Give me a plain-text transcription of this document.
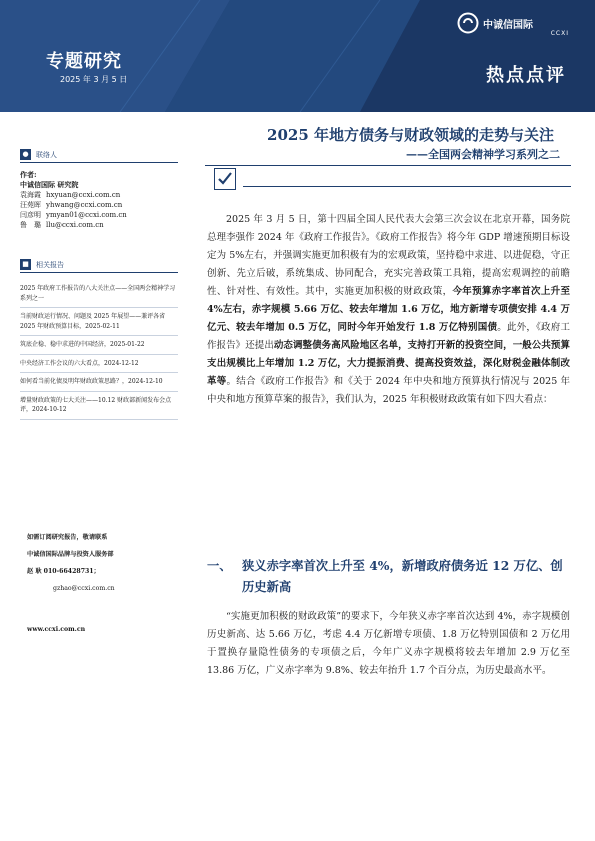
中诚信国际
CCXI
专题研究
2025 年 3 月 5 日	热点点评
●	联络人
作者:
中诚信国际 研究院
袁海霞 hxyuan@ccxi.com.cn
汪苑晖 yhwang@ccxi.com.cn
闫彦明 ymyan01@ccxi.com.cn
鲁　璐 llu@ccxi.com.cn
■	相关报告
2025 年政府工作报告的八大关注点——全国两会精神学习系列之一
当前财政运行情况、问题及 2025 年展望——兼评各省 2025 年财政预算目标，2025-02-11
筑底企稳、稳中求进的中国经济，2025-01-22
中央经济工作会议的六大看点，2024-12-12
如何看当前化债及明年财政政策思路？，2024-12-10
增量财政政策的七大关注——10.12 财政部新闻发布会点评，2024-10-12
如需订阅研究报告，敬请联系
中诚信国际品牌与投资人服务部
赵 耿 010-66428731；
gzhao@ccxi.com.cn
www.ccxi.com.cn
2025 年地方债务与财政领域的走势与关注
——全国两会精神学习系列之二
2025 年 3 月 5 日，第十四届全国人民代表大会第三次会议在北京开幕，国务院总理李强作 2024 年《政府工作报告》。《政府工作报告》将今年 GDP 增速预期目标设定为 5%左右，并强调实施更加积极有为的宏观政策，坚持稳中求进、以进促稳，守正创新、先立后破，系统集成、协同配合，充实完善政策工具箱，提高宏观调控的前瞻性、针对性、有效性。其中，实施更加积极的财政政策，今年预算赤字率首次上升至 4%左右，赤字规模 5.66 万亿、较去年增加 1.6 万亿，地方新增专项债安排 4.4 万亿元、较去年增加 0.5 万亿，同时今年开始发行 1.8 万亿特别国债。此外，《政府工作报告》还提出动态调整债务高风险地区名单，支持打开新的投资空间，一般公共预算支出规模比上年增加 1.2 万亿，大力提振消费、提高投资效益，深化财税金融体制改革等。结合《政府工作报告》和《关于 2024 年中央和地方预算执行情况与 2025 年中央和地方预算草案的报告》，我们认为，2025 年积极财政政策有如下四大看点：
一、 狭义赤字率首次上升至 4%，新增政府债务近 12 万亿、创历史新高
“实施更加积极的财政政策”的要求下，今年狭义赤字率首次达到 4%，赤字规模创历史新高、达 5.66 万亿，考虑 4.4 万亿新增专项债、1.8 万亿特别国债和 2 万亿用于置换存量隐性债务的专项债之后，今年广义赤字规模将较去年增加 2.9 万亿至 13.86 万亿，广义赤字率为 9.8%、较去年抬升 1.7 个百分点，为历史最高水平。
